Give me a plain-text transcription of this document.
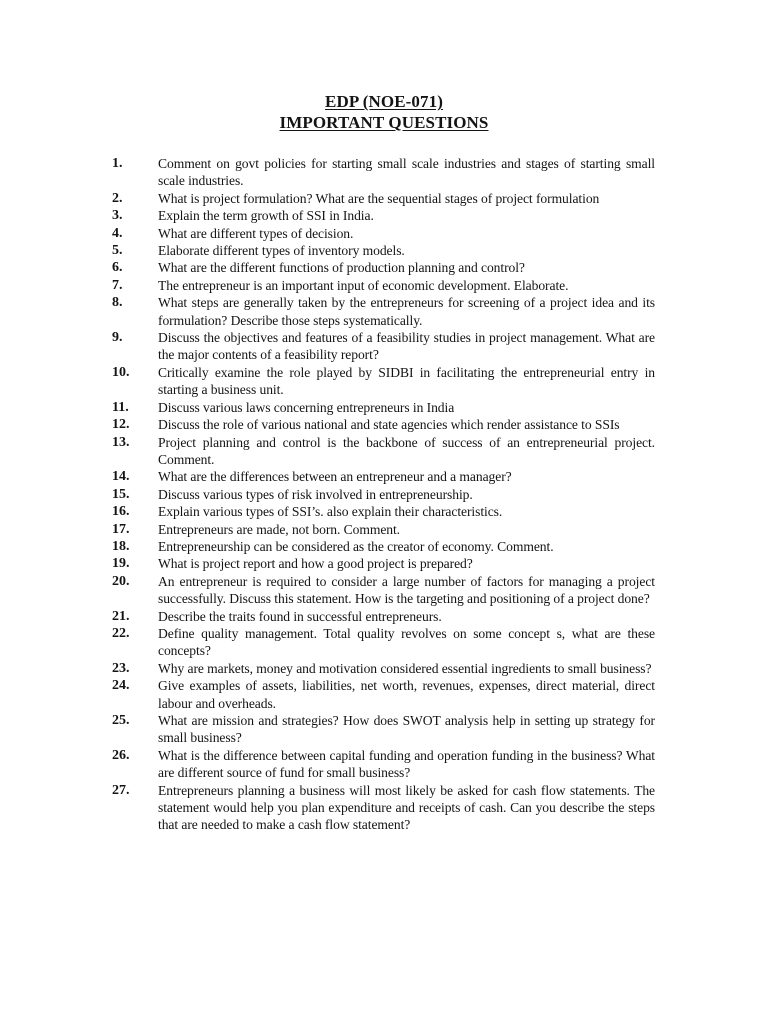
EDP (NOE-071)
IMPORTANT QUESTIONS
1.	Comment on govt policies for starting small scale industries and stages of starting small scale industries.
2.	What is project formulation? What are the sequential stages of project formulation
3.	Explain the term growth of SSI in India.
4.	What are different types of decision.
5.	Elaborate different types of inventory models.
6.	What are the different functions of production planning and control?
7.	The entrepreneur is an important input of economic development. Elaborate.
8.	What steps are generally taken by the entrepreneurs for screening of a project idea and its formulation? Describe those steps systematically.
9.	Discuss the objectives and features of a feasibility studies in project management. What are the major contents of a feasibility report?
10. Critically examine the role played by SIDBI in facilitating the entrepreneurial entry in starting a business unit.
11. Discuss various laws concerning entrepreneurs in India
12. Discuss the role of various national and state agencies which render assistance to SSIs
13. Project planning and control is the backbone of success of an entrepreneurial project. Comment.
14. What are the differences between an entrepreneur and a manager?
15. Discuss various types of risk involved in entrepreneurship.
16. Explain various types of SSI’s. also explain their characteristics.
17. Entrepreneurs are made, not born. Comment.
18. Entrepreneurship can be considered as the creator of economy. Comment.
19. What is project report and how a good project is prepared?
20. An entrepreneur is required to consider a large number of factors for managing a project successfully. Discuss this statement. How is the targeting and positioning of a project done?
21. Describe the traits found in successful entrepreneurs.
22. Define quality management. Total quality revolves on some concept s, what are these concepts?
23. Why are markets, money and motivation considered essential ingredients to small business?
24. Give examples of assets, liabilities, net worth, revenues, expenses, direct material, direct labour and overheads.
25. What are mission and strategies? How does SWOT analysis help in setting up strategy for small business?
26. What is the difference between capital funding and operation funding in the business? What are different source of fund for small business?
27. Entrepreneurs planning a business will most likely be asked for cash flow statements. The statement would help you plan expenditure and receipts of cash. Can you describe the steps that are needed to make a cash flow statement?
